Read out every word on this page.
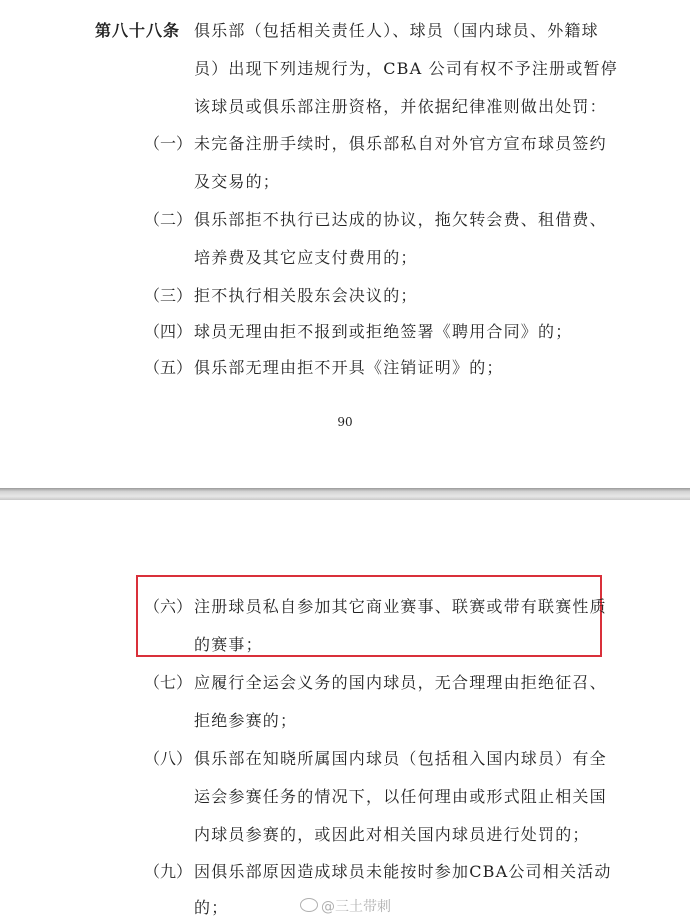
第八十八条 俱乐部（包括相关责任人）、球员（国内球员、外籍球
员）出现下列违规行为，CBA 公司有权不予注册或暂停
该球员或俱乐部注册资格，并依据纪律准则做出处罚：
（一） 未完备注册手续时，俱乐部私自对外官方宣布球员签约
及交易的；
（二） 俱乐部拒不执行已达成的协议，拖欠转会费、租借费、
培养费及其它应支付费用的；
（三） 拒不执行相关股东会决议的；
（四） 球员无理由拒不报到或拒绝签署《聘用合同》的；
（五） 俱乐部无理由拒不开具《注销证明》的；
90
（六） 注册球员私自参加其它商业赛事、联赛或带有联赛性质
的赛事；
（七） 应履行全运会义务的国内球员，无合理理由拒绝征召、
拒绝参赛的；
（八） 俱乐部在知晓所属国内球员（包括租入国内球员）有全
运会参赛任务的情况下，以任何理由或形式阻止相关国
内球员参赛的，或因此对相关国内球员进行处罚的；
（九） 因俱乐部原因造成球员未能按时参加CBA公司相关活动
的；	@三土带刺
